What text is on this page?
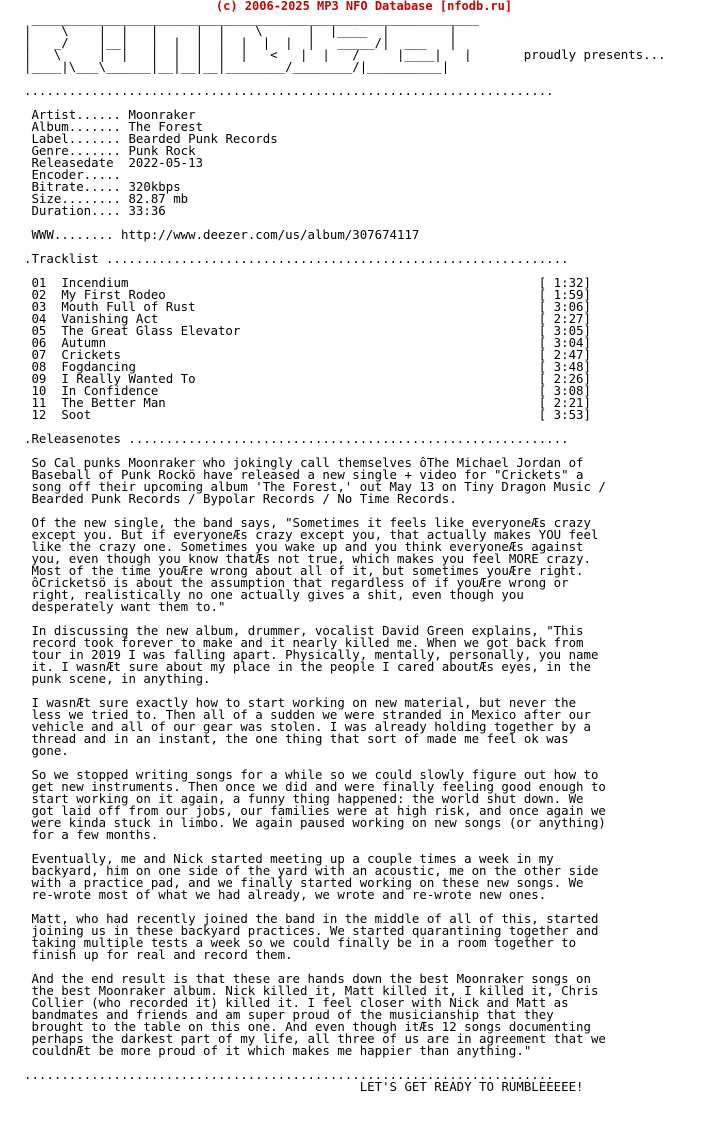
(c) 2006-2025 MP3 NFO Database [nfodb.ru]
____________________________________________________________
|    \    |  |   |     |  |    \      |  |____  |        |
|   _/    |__|   |  |  |  |  |  |  |  |   _____/|  ___   |
|   \     |  |   |  |  |  |  |   <   |  |   /     |____|   |       proudly presents...
|____|\___\______|__|__|__|________/________/|__________|

.......................................................................

Artist...... Moonraker
Album....... The Forest
Label....... Bearded Punk Records
Genre....... Punk Rock
Releasedate 2022-05-13
Encoder.....
Bitrate..... 320kbps
Size........ 82.87 mb
Duration.... 33:36

WWW........ http://www.deezer.com/us/album/307674117

.Tracklist ..............................................................

01 Incendium	[ 1:32]
02 My First Rodeo	[ 1:59]
03 Mouth Full of Rust	[ 3:06]
04 Vanishing Act	[ 2:27]
05 The Great Glass Elevator	[ 3:05]
06 Autumn	[ 3:04]
07 Crickets	[ 2:47]
08 Fogdancing	[ 3:48]
09 I Really Wanted To	[ 2:26]
10 In Confidence	[ 3:08]
11 The Better Man	[ 2:21]
12 Soot	[ 3:53]

.Releasenotes ...........................................................

So Cal punks Moonraker who jokingly call themselves ôThe Michael Jordan of
Baseball of Punk Rockö have released a new single + video for "Crickets" a
song off their upcoming album 'The Forest,' out May 13 on Tiny Dragon Music /
Bearded Punk Records / Bypolar Records / No Time Records.

Of the new single, the band says, "Sometimes it feels like everyoneÆs crazy
except you. But if everyoneÆs crazy except you, that actually makes YOU feel
like the crazy one. Sometimes you wake up and you think everyoneÆs against
you, even though you know thatÆs not true, which makes you feel MORE crazy.
Most of the time youÆre wrong about all of it, but sometimes youÆre right.
ôCricketsö is about the assumption that regardless of if youÆre wrong or
right, realistically no one actually gives a shit, even though you
desperately want them to."

In discussing the new album, drummer, vocalist David Green explains, "This
record took forever to make and it nearly killed me. When we got back from
tour in 2019 I was falling apart. Physically, mentally, personally, you name
it. I wasnÆt sure about my place in the people I cared aboutÆs eyes, in the
punk scene, in anything.

I wasnÆt sure exactly how to start working on new material, but never the
less we tried to. Then all of a sudden we were stranded in Mexico after our
vehicle and all of our gear was stolen. I was already holding together by a
thread and in an instant, the one thing that sort of made me feel ok was
gone.

So we stopped writing songs for a while so we could slowly figure out how to
get new instruments. Then once we did and were finally feeling good enough to
start working on it again, a funny thing happened: the world shut down. We
got laid off from our jobs, our families were at high risk, and once again we
were kinda stuck in limbo. We again paused working on new songs (or anything)
for a few months.

Eventually, me and Nick started meeting up a couple times a week in my
backyard, him on one side of the yard with an acoustic, me on the other side
with a practice pad, and we finally started working on these new songs. We
re-wrote most of what we had already, we wrote and re-wrote new ones.

Matt, who had recently joined the band in the middle of all of this, started
joining us in these backyard practices. We started quarantining together and
taking multiple tests a week so we could finally be in a room together to
finish up for real and record them.

And the end result is that these are hands down the best Moonraker songs on
the best Moonraker album. Nick killed it, Matt killed it, I killed it, Chris
Collier (who recorded it) killed it. I feel closer with Nick and Matt as
bandmates and friends and am super proud of the musicianship that they
brought to the table on this one. And even though itÆs 12 songs documenting
perhaps the darkest part of my life, all three of us are in agreement that we
couldnÆt be more proud of it which makes me happier than anything."

.......................................................................
LET'S GET READY TO RUMBLEEEEE!
